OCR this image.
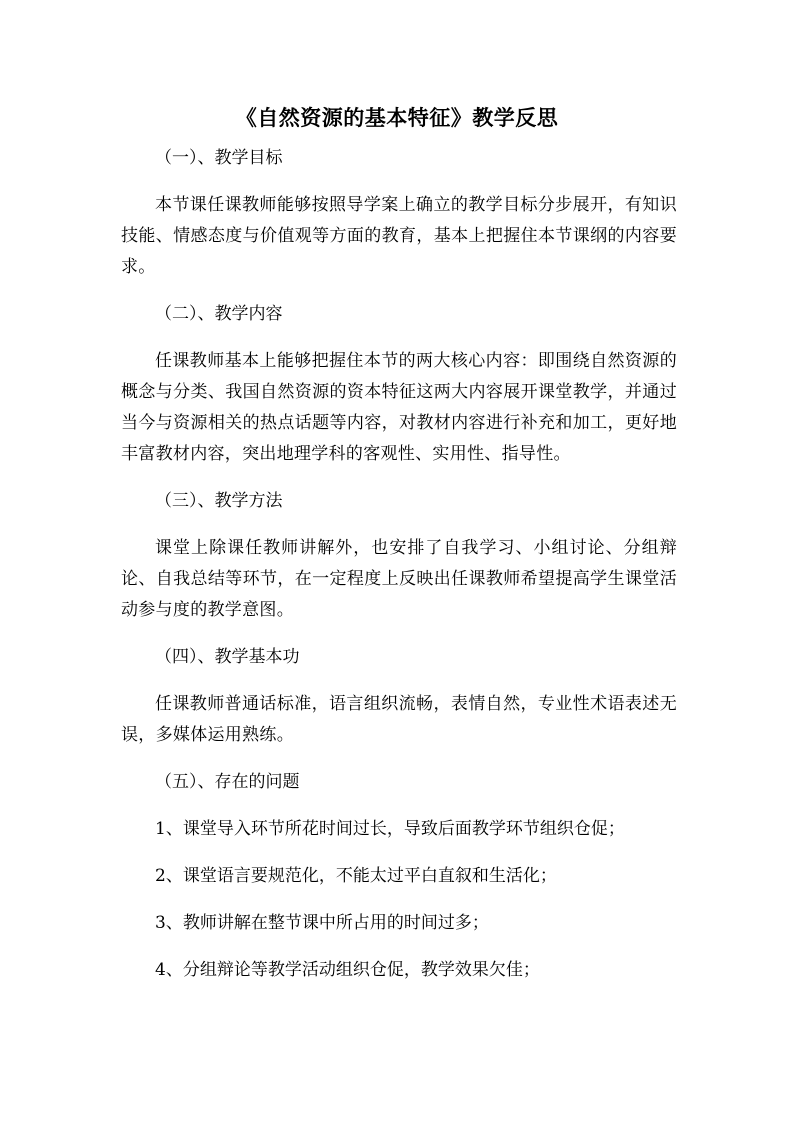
《自然资源的基本特征》教学反思
（一）、教学目标

本节课任课教师能够按照导学案上确立的教学目标分步展开，有知识技能、情感态度与价值观等方面的教育，基本上把握住本节课纲的内容要求。

（二）、教学内容

任课教师基本上能够把握住本节的两大核心内容：即围绕自然资源的概念与分类、我国自然资源的资本特征这两大内容展开课堂教学，并通过当今与资源相关的热点话题等内容，对教材内容进行补充和加工，更好地丰富教材内容，突出地理学科的客观性、实用性、指导性。

（三）、教学方法

课堂上除课任教师讲解外，也安排了自我学习、小组讨论、分组辩论、自我总结等环节，在一定程度上反映出任课教师希望提高学生课堂活动参与度的教学意图。

（四）、教学基本功

任课教师普通话标准，语言组织流畅，表情自然，专业性术语表述无误，多媒体运用熟练。

（五）、存在的问题

1、课堂导入环节所花时间过长，导致后面教学环节组织仓促；

2、课堂语言要规范化，不能太过平白直叙和生活化；

3、教师讲解在整节课中所占用的时间过多；

4、分组辩论等教学活动组织仓促，教学效果欠佳；
